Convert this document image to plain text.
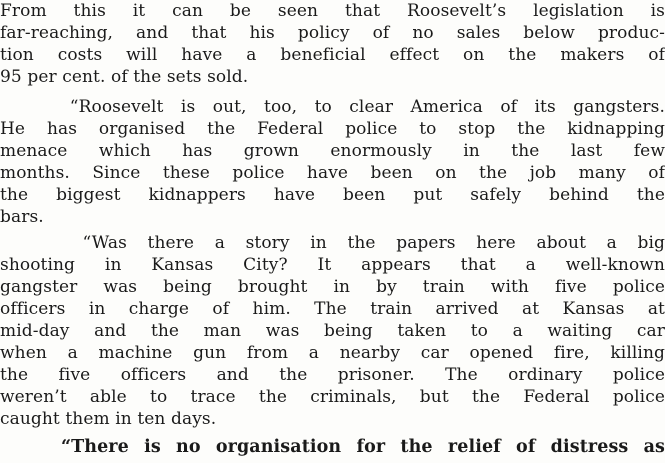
From this it can be seen that Roosevelt’s legislation is
far-reaching, and that his policy of no sales below produc-
tion costs will have a beneficial effect on the makers of
95 per cent. of the sets sold.
“Roosevelt is out, too, to clear America of its gangsters.
He has organised the Federal police to stop the kidnapping
menace which has grown enormously in the last few
months. Since these police have been on the job many of
the biggest kidnappers have been put safely behind the
bars.
“Was there a story in the papers here about a big
shooting in Kansas City? It appears that a well-known
gangster was being brought in by train with five police
officers in charge of him. The train arrived at Kansas at
mid-day and the man was being taken to a waiting car
when a machine gun from a nearby car opened fire, killing
the five officers and the prisoner. The ordinary police
weren’t able to trace the criminals, but the Federal police
caught them in ten days.
“There is no organisation for the relief of distress as
